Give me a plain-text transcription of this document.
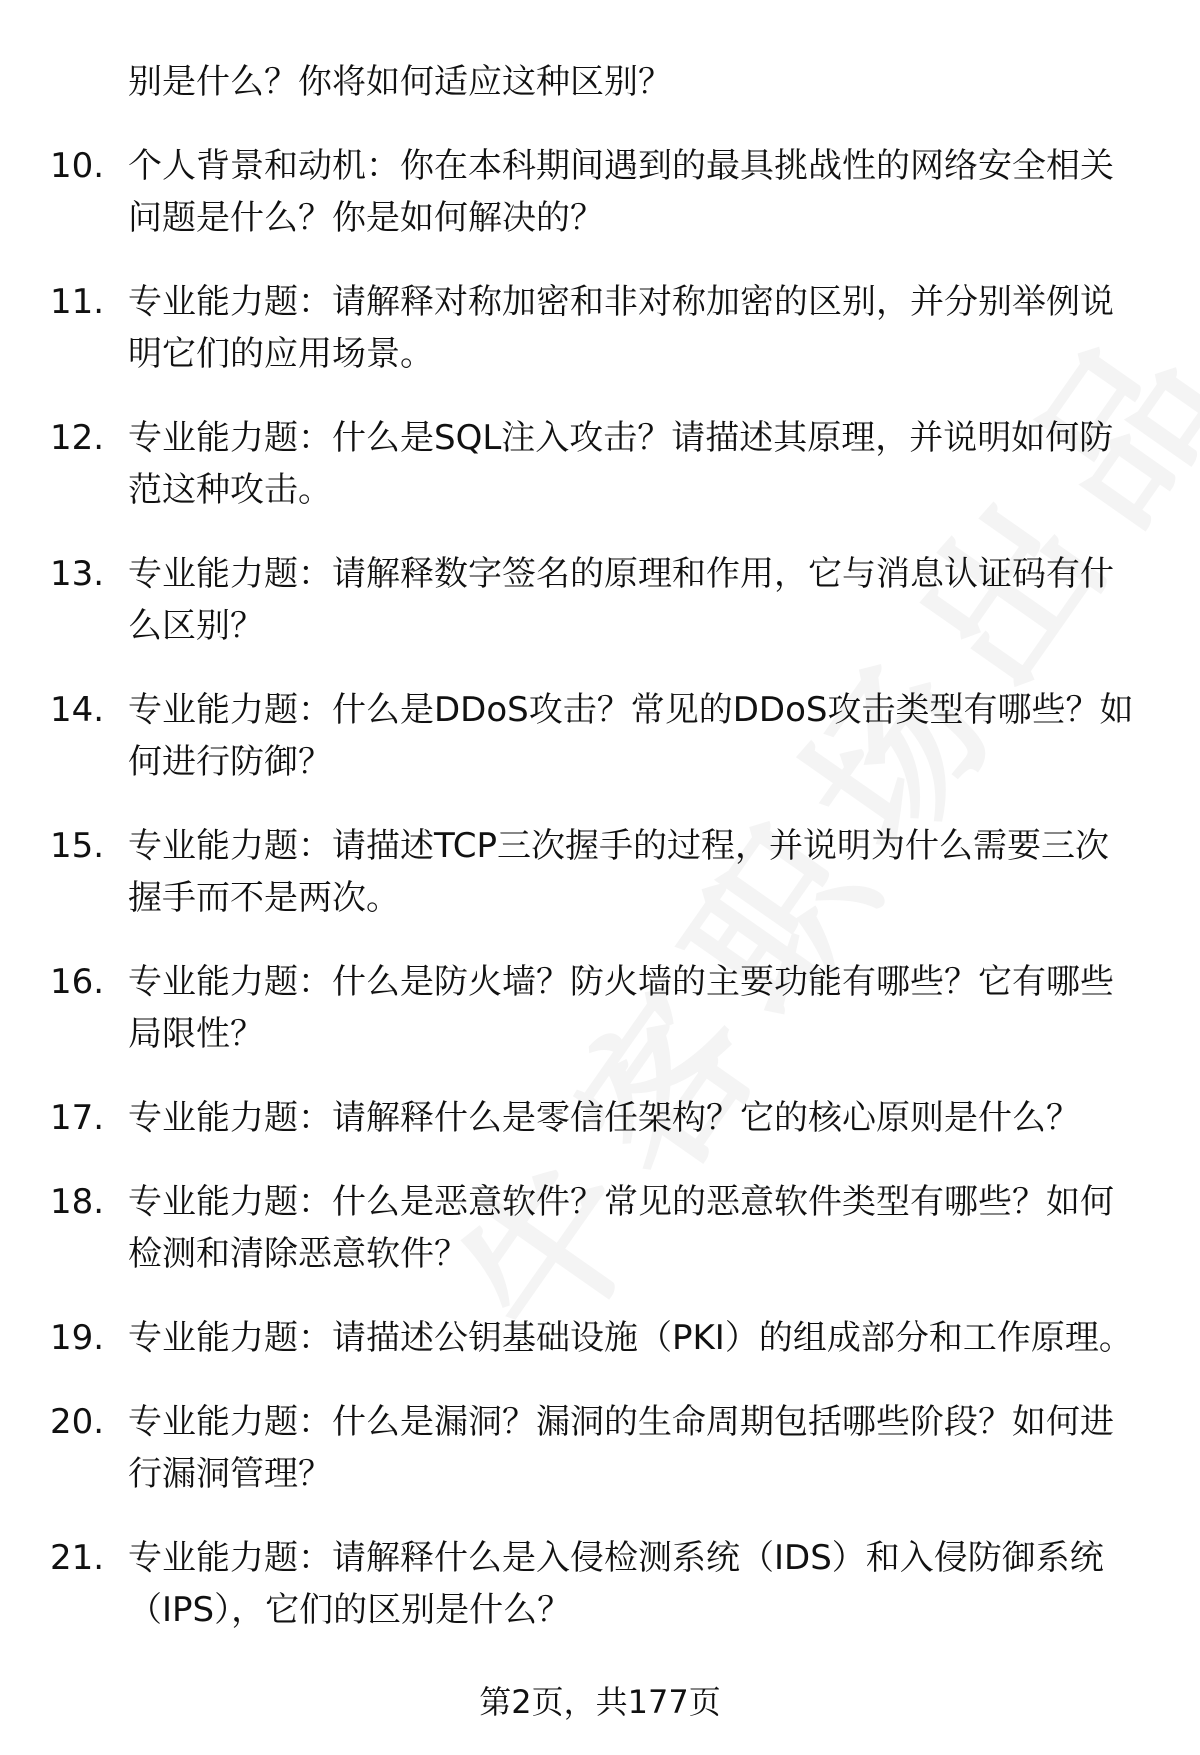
别是什么？你将如何适应这种区别？
10. 个人背景和动机：你在本科期间遇到的最具挑战性的网络安全相关问题是什么？你是如何解决的？
11. 专业能力题：请解释对称加密和非对称加密的区别，并分别举例说明它们的应用场景。
12. 专业能力题：什么是SQL注入攻击？请描述其原理，并说明如何防范这种攻击。
13. 专业能力题：请解释数字签名的原理和作用，它与消息认证码有什么区别？
14. 专业能力题：什么是DDoS攻击？常见的DDoS攻击类型有哪些？如何进行防御？
15. 专业能力题：请描述TCP三次握手的过程，并说明为什么需要三次握手而不是两次。
16. 专业能力题：什么是防火墙？防火墙的主要功能有哪些？它有哪些局限性？
17. 专业能力题：请解释什么是零信任架构？它的核心原则是什么？
18. 专业能力题：什么是恶意软件？常见的恶意软件类型有哪些？如何检测和清除恶意软件？
19. 专业能力题：请描述公钥基础设施（PKI）的组成部分和工作原理。
20. 专业能力题：什么是漏洞？漏洞的生命周期包括哪些阶段？如何进行漏洞管理？
21. 专业能力题：请解释什么是入侵检测系统（IDS）和入侵防御系统（IPS），它们的区别是什么？
第2页，共177页
